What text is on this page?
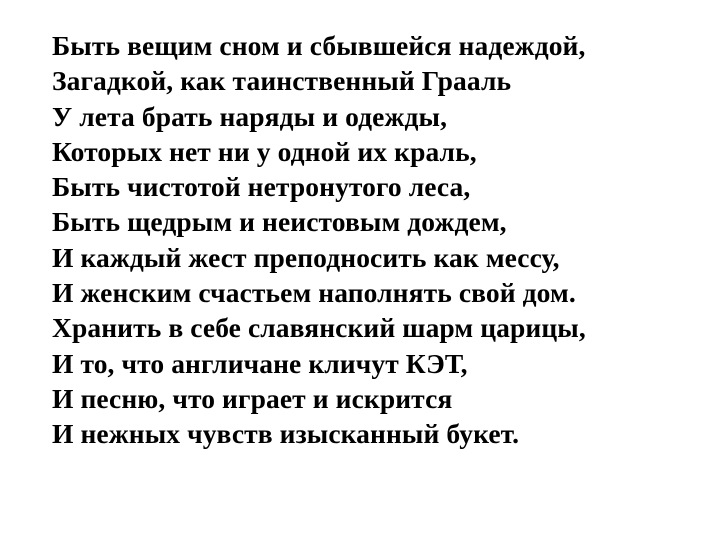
Быть вещим сном и сбывшейся надеждой,
Загадкой, как таинственный Грааль
У лета брать наряды и одежды,
Которых нет ни у одной их краль,
Быть чистотой нетронутого леса,
Быть щедрым и неистовым дождем,
И каждый жест преподносить как мессу,
И женским счастьем наполнять свой дом.
Хранить в себе славянский шарм царицы,
И то, что англичане кличут КЭТ,
И песню, что играет и искрится
И нежных чувств изысканный букет.
